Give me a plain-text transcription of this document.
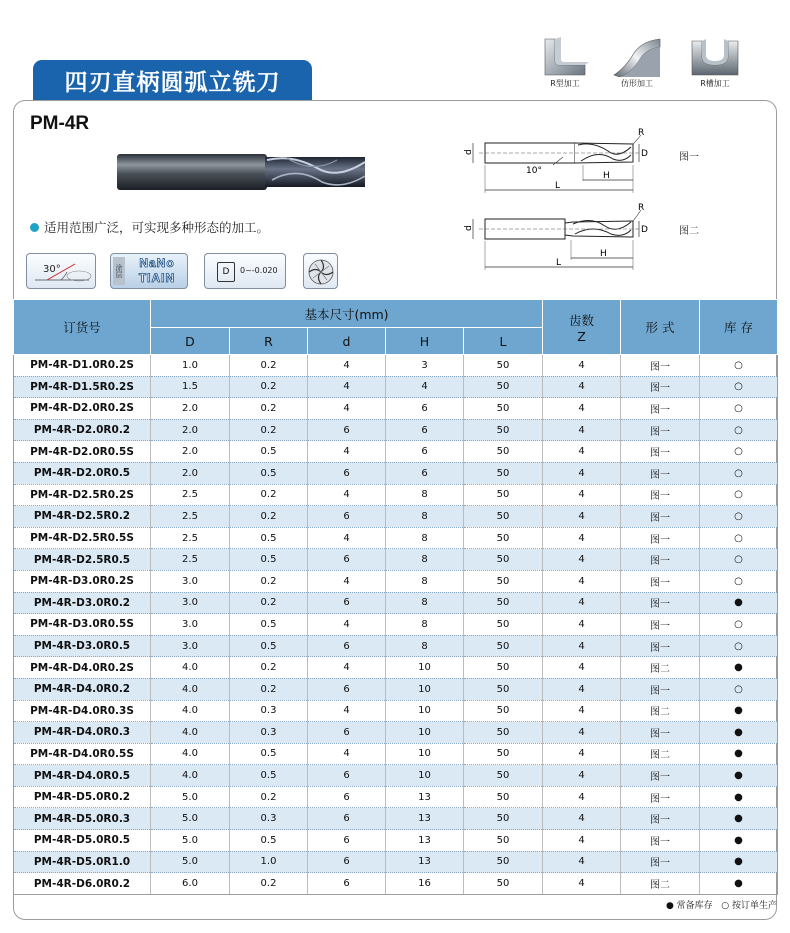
四刃直柄圆弧立铣刀	R型加工	仿形加工	R槽加工
PM-4R
适用范围广泛，可实现多种形态的加工。
30°	涂层
NaNo
TIAIN	D	0~-0.020
d	D
R
H
L
10°
图一
d	D
R
H
L
图二
订货号	基本尺寸(mm)					齿数
Z	形 式	库 存
	D	R	d	H	L			
PM-4R-D1.0R0.2S	1.0	0.2	4	3	50	4	图一	○
PM-4R-D1.5R0.2S	1.5	0.2	4	4	50	4	图一	○
PM-4R-D2.0R0.2S	2.0	0.2	4	6	50	4	图一	○
PM-4R-D2.0R0.2	2.0	0.2	6	6	50	4	图一	○
PM-4R-D2.0R0.5S	2.0	0.5	4	6	50	4	图一	○
PM-4R-D2.0R0.5	2.0	0.5	6	6	50	4	图一	○
PM-4R-D2.5R0.2S	2.5	0.2	4	8	50	4	图一	○
PM-4R-D2.5R0.2	2.5	0.2	6	8	50	4	图一	○
PM-4R-D2.5R0.5S	2.5	0.5	4	8	50	4	图一	○
PM-4R-D2.5R0.5	2.5	0.5	6	8	50	4	图一	○
PM-4R-D3.0R0.2S	3.0	0.2	4	8	50	4	图一	○
PM-4R-D3.0R0.2	3.0	0.2	6	8	50	4	图一	●
PM-4R-D3.0R0.5S	3.0	0.5	4	8	50	4	图一	○
PM-4R-D3.0R0.5	3.0	0.5	6	8	50	4	图一	○
PM-4R-D4.0R0.2S	4.0	0.2	4	10	50	4	图二	●
PM-4R-D4.0R0.2	4.0	0.2	6	10	50	4	图一	○
PM-4R-D4.0R0.3S	4.0	0.3	4	10	50	4	图二	●
PM-4R-D4.0R0.3	4.0	0.3	6	10	50	4	图一	●
PM-4R-D4.0R0.5S	4.0	0.5	4	10	50	4	图二	●
PM-4R-D4.0R0.5	4.0	0.5	6	10	50	4	图一	●
PM-4R-D5.0R0.2	5.0	0.2	6	13	50	4	图一	●
PM-4R-D5.0R0.3	5.0	0.3	6	13	50	4	图一	●
PM-4R-D5.0R0.5	5.0	0.5	6	13	50	4	图一	●
PM-4R-D5.0R1.0	5.0	1.0	6	13	50	4	图一	●
PM-4R-D6.0R0.2	6.0	0.2	6	16	50	4	图二	●
● 常备库存 ○ 按订单生产
